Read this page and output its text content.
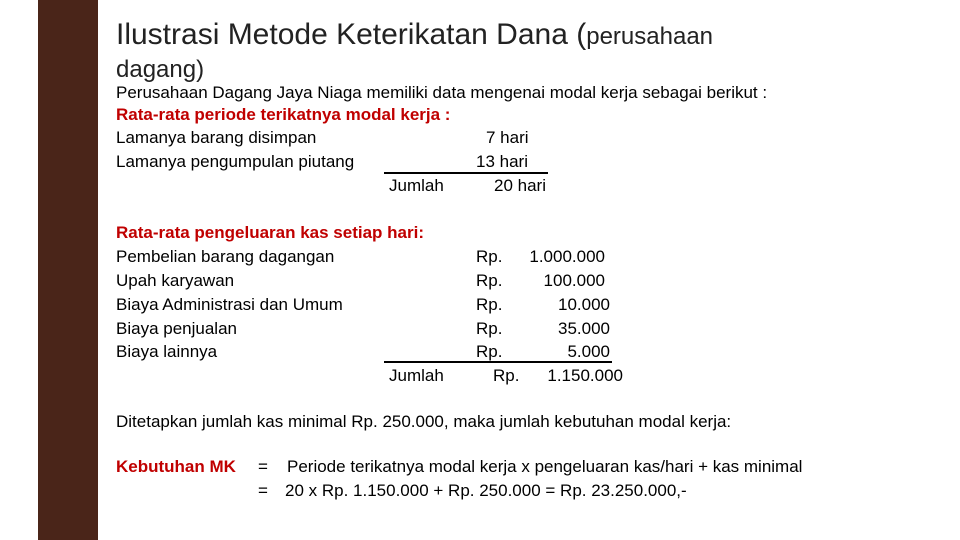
Ilustrasi Metode Keterikatan Dana (perusahaan
dagang)
Perusahaan Dagang Jaya Niaga memiliki data mengenai modal kerja sebagai berikut :
Rata-rata periode terikatnya modal kerja :
Lamanya barang disimpan	7 hari
Lamanya pengumpulan piutang	13 hari
Jumlah	20 hari
Rata-rata pengeluaran kas setiap hari:
Pembelian barang dagangan	Rp. 1.000.000
Upah karyawan	Rp. 100.000
Biaya Administrasi dan Umum	Rp.	10.000
Biaya penjualan	Rp.	35.000
Biaya lainnya	Rp.	5.000
Jumlah	Rp. 1.150.000
Ditetapkan jumlah kas minimal Rp. 250.000, maka jumlah kebutuhan modal kerja:
Kebutuhan MK = Periode terikatnya modal kerja x pengeluaran kas/hari + kas minimal
= 20 x Rp. 1.150.000 + Rp. 250.000 = Rp. 23.250.000,-
